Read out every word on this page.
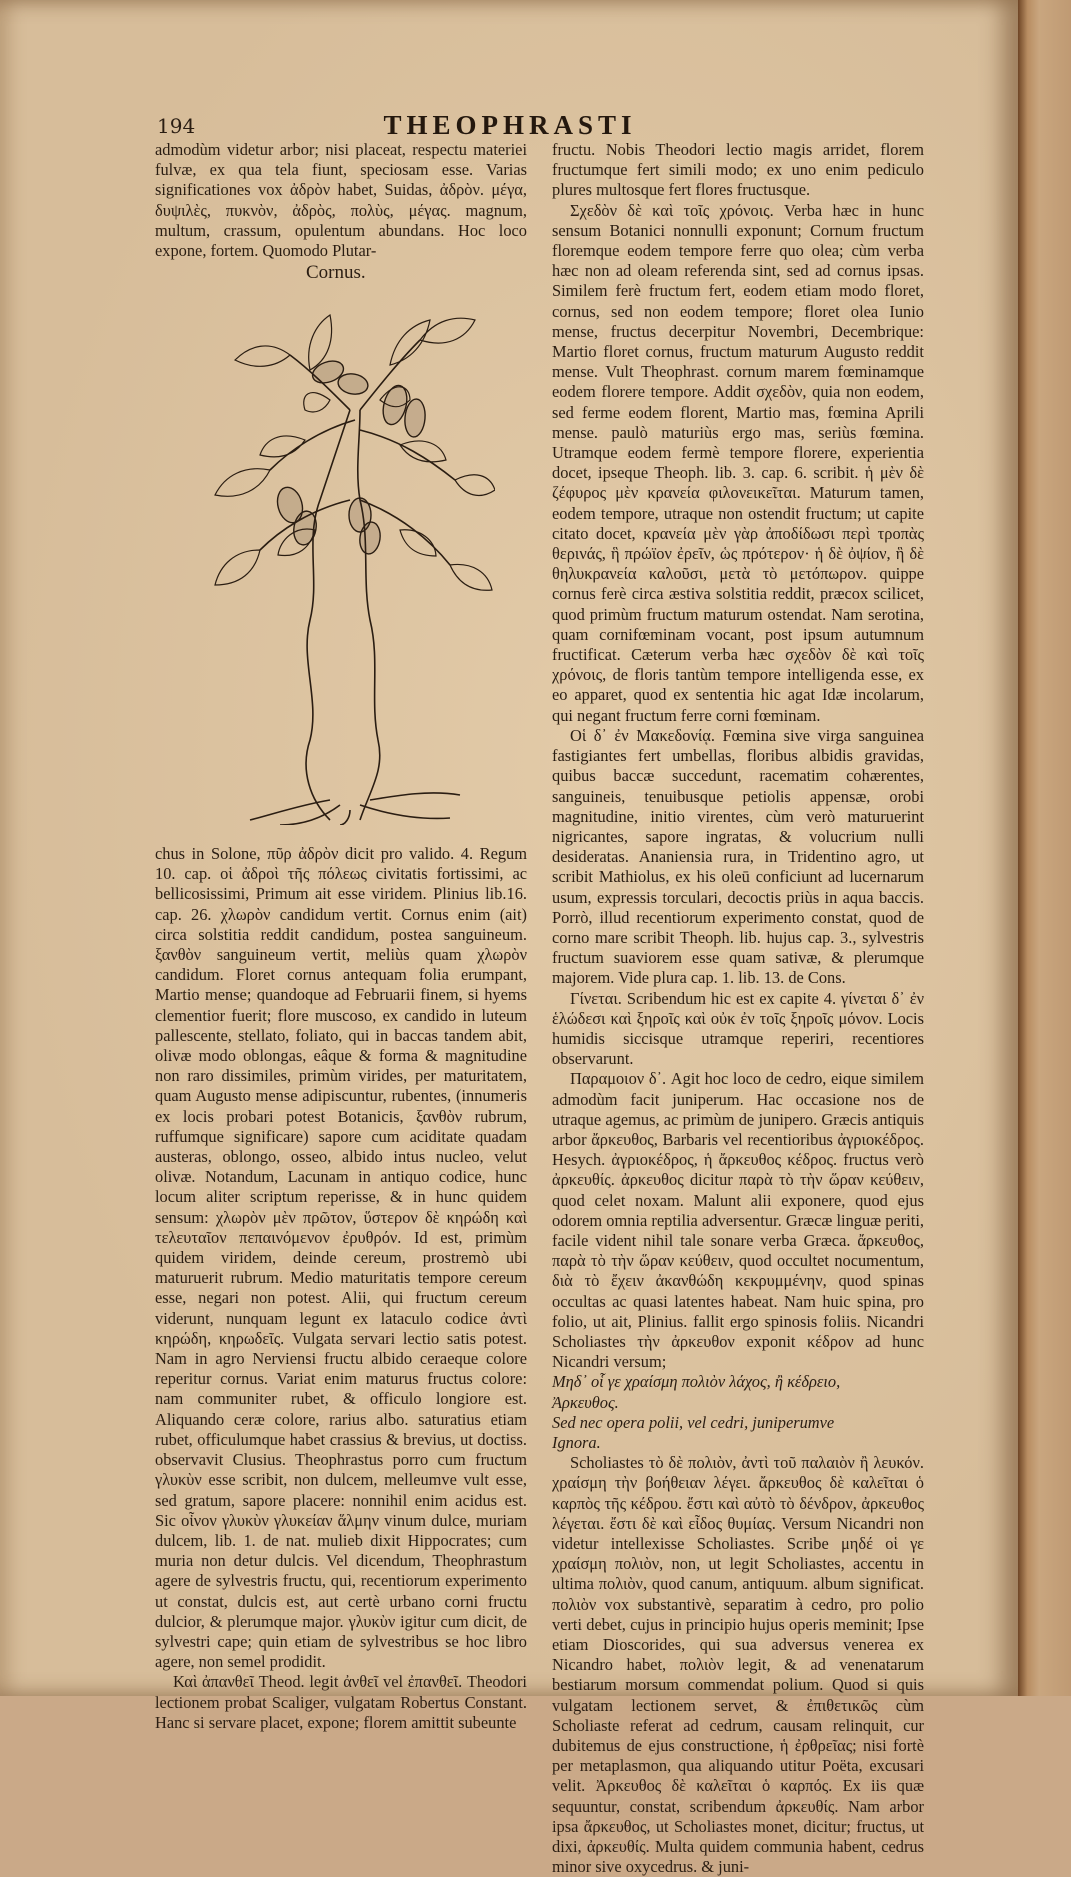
194	THEOPHRASTI

admodùm videtur arbor; nisi placeat, respectu materiei fulvæ, ex qua tela fiunt, speciosam esse. Varias significationes vox ἀδρὸν habet, Suidas, ἀδρὸν. μέγα, δυψιλὲς, πυκνὸν, ἀδρὸς, πολὺς, μέγας. magnum, multum, crassum, opulentum abundans. Hoc loco expone, fortem. Quomodo Plutar-

Cornus.

chus in Solone, πῦρ ἀδρὸν dicit pro valido. 4. Regum 10. cap. οἱ ἀδροὶ τῆς πόλεως civitatis fortissimi, ac bellicosissimi, Primum ait esse viridem. Plinius lib.16. cap. 26. χλωρὸν candidum vertit. Cornus enim (ait) circa solstitia reddit candidum, postea sanguineum. ξανθὸν sanguineum vertit, meliùs quam χλωρὸν candidum. Floret cornus antequam folia erumpant, Martio mense; quandoque ad Februarii finem, si hyems clementior fuerit; flore muscoso, ex candido in luteum pallescente, stellato, foliato, qui in baccas tandem abit, olivæ modo oblongas, eâque & forma & magnitudine non raro dissimiles, primùm virides, per maturitatem, quam Augusto mense adipiscuntur, rubentes, (innumeris ex locis probari potest Botanicis, ξανθὸν rubrum, ruffumque significare) sapore cum aciditate quadam austeras, oblongo, osseo, albido intus nucleo, velut olivæ. Notandum, Lacunam in antiquo codice, hunc locum aliter scriptum reperisse, & in hunc quidem sensum: χλωρὸν μὲν πρῶτον, ὕστερον δὲ κηρώδη καὶ τελευταῖον πεπαινόμενον ἐρυθρόν. Id est, primùm quidem viridem, deinde cereum, prostremò ubi maturuerit rubrum. Medio maturitatis tempore cereum esse, negari non potest. Alii, qui fructum cereum viderunt, nunquam legunt ex lataculo codice ἀντὶ κηρώδη, κηρωδεῖς. Vulgata servari lectio satis potest. Nam in agro Nerviensi fructu albido ceraeque colore reperitur cornus. Variat enim maturus fructus colore: nam communiter rubet, & officulo longiore est. Aliquando ceræ colore, rarius albo. saturatius etiam rubet, officulumque habet crassius & brevius, ut doctiss. observavit Clusius. Theophrastus porro cum fructum γλυκὺν esse scribit, non dulcem, melleumve vult esse, sed gratum, sapore placere: nonnihil enim acidus est. Sic οἶνον γλυκὺν γλυκείαν ἅλμην vinum dulce, muriam dulcem, lib. 1. de nat. mulieb dixit Hippocrates; cum muria non detur dulcis. Vel dicendum, Theophrastum agere de sylvestris fructu, qui, recentiorum experimento ut constat, dulcis est, aut certè urbano corni fructu dulcior, & plerumque major. γλυκὺν igitur cum dicit, de sylvestri cape; quin etiam de sylvestribus se hoc libro agere, non semel prodidit.

Καὶ ἀπανθεῖ Theod. legit ἀνθεῖ vel ἐπανθεῖ. Theodori lectionem probat Scaliger, vulgatam Robertus Constant. Hanc si servare placet, expone; florem amittit subeunte

fructu. Nobis Theodori lectio magis arridet, florem fructumque fert simili modo; ex uno enim pediculo plures multosque fert flores fructusque.

Σχεδὸν δὲ καὶ τοῖς χρόνοις. Verba hæc in hunc sensum Botanici nonnulli exponunt; Cornum fructum floremque eodem tempore ferre quo olea; cùm verba hæc non ad oleam referenda sint, sed ad cornus ipsas. Similem ferè fructum fert, eodem etiam modo floret, cornus, sed non eodem tempore; floret olea Iunio mense, fructus decerpitur Novembri, Decembrique: Martio floret cornus, fructum maturum Augusto reddit mense. Vult Theophrast. cornum marem fœminamque eodem florere tempore. Addit σχεδὸν, quia non eodem, sed ferme eodem florent, Martio mas, fœmina Aprili mense. paulò maturiùs ergo mas, seriùs fœmina. Utramque eodem fermè tempore florere, experientia docet, ipseque Theoph. lib. 3. cap. 6. scribit. ἡ μὲν δὲ ζέφυρος μὲν κρανεία φιλονεικεῖται. Maturum tamen, eodem tempore, utraque non ostendit fructum; ut capite citato docet, κρανεία μὲν γὰρ ἀποδίδωσι περὶ τροπὰς θερινάς, ἣ πρώϊον ἐρεῖν, ὡς πρότερον· ἡ δὲ ὀψίον, ἣ δὲ θηλυκρανεία καλοῦσι, μετὰ τὸ μετόπωρον. quippe cornus ferè circa æstiva solstitia reddit, præcox scilicet, quod primùm fructum maturum ostendat. Nam serotina, quam cornifœminam vocant, post ipsum autumnum fructificat. Cæterum verba hæc σχεδὸν δὲ καὶ τοῖς χρόνοις, de floris tantùm tempore intelligenda esse, ex eo apparet, quod ex sententia hic agat Idæ incolarum, qui negant fructum ferre corni fœminam.

Οἱ δ᾽ ἐν Μακεδονίᾳ. Fœmina sive virga sanguinea fastigiantes fert umbellas, floribus albidis gravidas, quibus baccæ succedunt, racematim cohærentes, sanguineis, tenuibusque petiolis appensæ, orobi magnitudine, initio virentes, cùm verò maturuerint nigricantes, sapore ingratas, & volucrium nulli desideratas. Ananiensia rura, in Tridentino agro, ut scribit Mathiolus, ex his oleū conficiunt ad lucernarum usum, expressis torculari, decoctis priùs in aqua baccis. Porrò, illud recentiorum experimento constat, quod de corno mare scribit Theoph. lib. hujus cap. 3., sylvestris fructum suaviorem esse quam sativæ, & plerumque majorem. Vide plura cap. 1. lib. 13. de Cons.

Γίνεται. Scribendum hic est ex capite 4. γίνεται δ᾽ ἐν ἑλώδεσι καὶ ξηροῖς καὶ οὐκ ἐν τοῖς ξηροῖς μόνον. Locis humidis siccisque utramque reperiri, recentiores observarunt.

Παραμοιον δ᾽. Agit hoc loco de cedro, eique similem admodùm facit juniperum. Hac occasione nos de utraque agemus, ac primùm de junipero. Græcis antiquis arbor ἄρκευθος, Barbaris vel recentioribus ἀγριοκέδρος. Hesych. ἀγριοκέδρος, ἡ ἄρκευθος κέδρος. fructus verò ἀρκευθίς. ἀρκευθος dicitur παρὰ τὸ τὴν ὥραν κεύθειν, quod celet noxam. Malunt alii exponere, quod ejus odorem omnia reptilia adversentur. Græcæ linguæ periti, facile vident nihil tale sonare verba Græca. ἄρκευθος, παρὰ τὸ τὴν ὥραν κεύθειν, quod occultet nocumentum, διὰ τὸ ἔχειν ἀκανθώδη κεκρυμμένην, quod spinas occultas ac quasi latentes habeat. Nam huic spina, pro folio, ut ait, Plinius. fallit ergo spinosis foliis. Nicandri Scholiastes τὴν ἀρκευθον exponit κέδρον ad hunc Nicandri versum;

Μηδ᾽ οἷ γε χραίσμη πολιὸν λάχος, ἢ κέδρειο,
Ἀρκευθος.

Sed nec opera polii, vel cedri, juniperumve
Ignora.

Scholiastes τὸ δὲ πολιὸν, ἀντὶ τοῦ παλαιὸν ἢ λευκόν. χραίσμη τὴν βοήθειαν λέγει. ἄρκευθος δὲ καλεῖται ὁ καρπὸς τῆς κέδρου. ἔστι καὶ αὐτὸ τὸ δένδρον, ἀρκευθος λέγεται. ἔστι δὲ καὶ εἶδος θυμίας. Versum Nicandri non videtur intellexisse Scholiastes. Scribe μηδέ οἱ γε χραίσμη πολιὸν, non, ut legit Scholiastes, accentu in ultima πολιὸν, quod canum, antiquum. album significat. πολιὸν vox substantivè, separatim à cedro, pro polio verti debet, cujus in principio hujus operis meminit; Ipse etiam Dioscorides, qui sua adversus venerea ex Nicandro habet, πολιὸν legit, & ad venenatarum bestiarum morsum commendat polium. Quod si quis vulgatam lectionem servet, & ἐπιθετικῶς cùm Scholiaste referat ad cedrum, causam relinquit, cur dubitemus de ejus constructione, ἡ ἐρθρεῖας; nisi fortè per metaplasmon, qua aliquando utitur Poëta, excusari velit. Ἀρκευθος δὲ καλεῖται ὁ καρπός. Ex iis quæ sequuntur, constat, scribendum ἀρκευθίς. Nam arbor ipsa ἄρκευθος, ut Scholiastes monet, dicitur; fructus, ut dixi, ἀρκευθίς. Multa quidem communia habent, cedrus minor sive oxycedrus. & juni-
